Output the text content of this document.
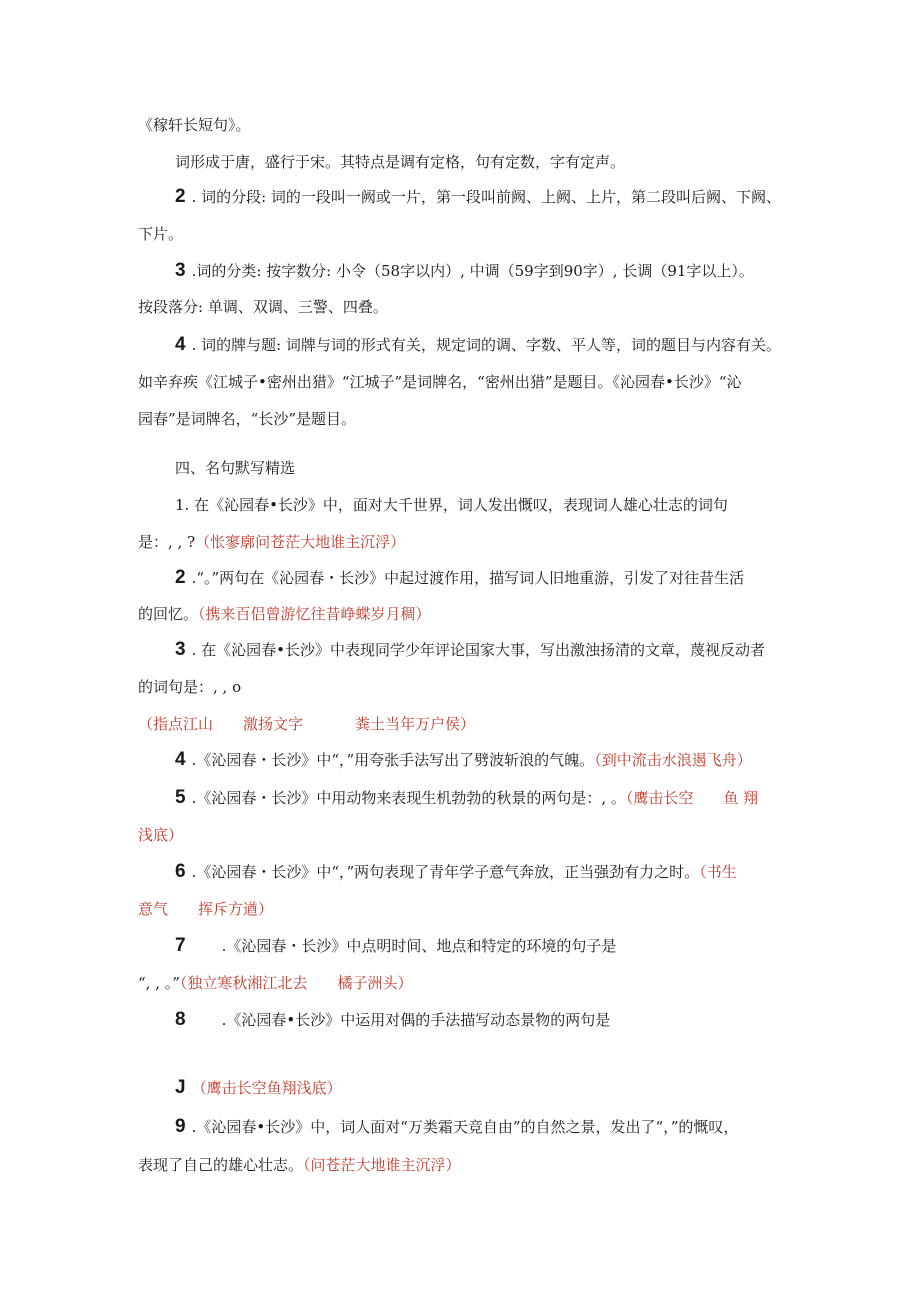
《稼轩长短句》。
词形成于唐，盛行于宋。其特点是调有定格，句有定数，字有定声。
2 . 词的分段: 词的一段叫一阙或一片，第一段叫前阙、上阙、上片，第二段叫后阙、下阙、
下片。
3 .词的分类: 按字数分: 小令（58字以内）, 中调（59字到90字）, 长调（91字以上）。
按段落分: 单调、双调、三警、四叠。
4 . 词的牌与题: 词牌与词的形式有关，规定词的调、字数、平人等，词的题目与内容有关。
如辛弃疾《江城子•密州出猎》“江城子”是词牌名，“密州出猎”是题目。《沁园春•长沙》“沁
园春”是词牌名，“长沙”是题目。
四、名句默写精选
1. 在《沁园春•长沙》中，面对大千世界，词人发出慨叹，表现词人雄心壮志的词句
是：, , ?（怅寥廓问苍茫大地谁主沉浮）
2 .“。”两句在《沁园春・长沙》中起过渡作用，描写词人旧地重游，引发了对往昔生活
的回忆。（携来百侣曾游忆往昔峥蝶岁月稠）
3 . 在《沁园春•长沙》中表现同学少年评论国家大事，写出激浊扬清的文章，蔑视反动者
的词句是：, , o
（指点江山 激扬文字	粪土当年万户侯）
4 .《沁园春・长沙》中“，”用夸张手法写出了劈波斩浪的气魄。（到中流击水浪遏飞舟）
5 .《沁园春・长沙》中用动物来表现生机勃勃的秋景的两句是：, 。（鹰击长空 鱼 翔
浅底）
6 .《沁园春・长沙》中“，”两句表现了青年学子意气奔放，正当强劲有力之时。（书生
意气 挥斥方遒）
7 .《沁园春・长沙》中点明时间、地点和特定的环境的句子是
“, , 。”（独立寒秋湘江北去 橘子洲头）
8 .《沁园春•长沙》中运用对偶的手法描写动态景物的两句是
J （鹰击长空鱼翔浅底）
9 .《沁园春•长沙》中，词人面对“万类霜天竞自由”的自然之景，发出了“，”的慨叹，
表现了自己的雄心壮志。（问苍茫大地谁主沉浮）
